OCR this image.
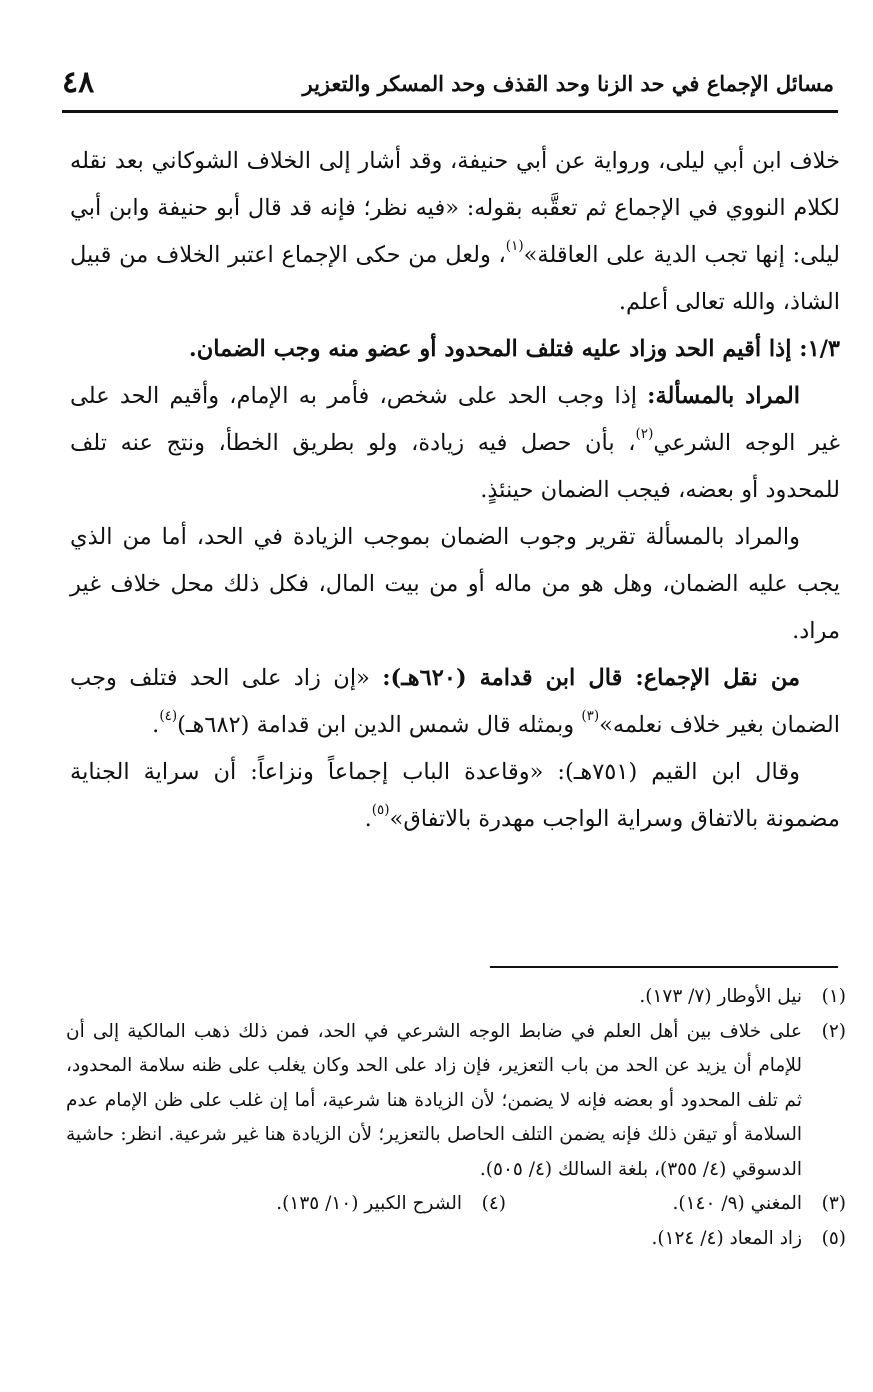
٤٨	مسائل الإجماع في حد الزنا وحد القذف وحد المسكر والتعزير

خلاف ابن أبي ليلى، ورواية عن أبي حنيفة، وقد أشار إلى الخلاف الشوكاني بعد نقله لكلام النووي في الإجماع ثم تعقَّبه بقوله: «فيه نظر؛ فإنه قد قال أبو حنيفة وابن أبي ليلى: إنها تجب الدية على العاقلة»$^{(١)}$، ولعل من حكى الإجماع اعتبر الخلاف من قبيل الشاذ، والله تعالى أعلم.

١/٣: إذا أقيم الحد وزاد عليه فتلف المحدود أو عضو منه وجب الضمان.

المراد بالمسألة: إذا وجب الحد على شخص، فأمر به الإمام، وأقيم الحد على غير الوجه الشرعي$^{(٢)}$، بأن حصل فيه زيادة، ولو بطريق الخطأ، ونتج عنه تلف للمحدود أو بعضه، فيجب الضمان حينئذٍ.

والمراد بالمسألة تقرير وجوب الضمان بموجب الزيادة في الحد، أما من الذي يجب عليه الضمان، وهل هو من ماله أو من بيت المال، فكل ذلك محل خلاف غير مراد.

من نقل الإجماع: قال ابن قدامة (٦٢٠هـ): «إن زاد على الحد فتلف وجب الضمان بغير خلاف نعلمه»$^{(٣)}$ وبمثله قال شمس الدين ابن قدامة (٦٨٢هـ)$^{(٤)}$.

وقال ابن القيم (٧٥١هـ): «وقاعدة الباب إجماعاً ونزاعاً: أن سراية الجناية مضمونة بالاتفاق وسراية الواجب مهدرة بالاتفاق»$^{(٥)}$.

(١)
نيل الأوطار (٧/ ١٧٣).
(٢)
على خلاف بين أهل العلم في ضابط الوجه الشرعي في الحد، فمن ذلك ذهب المالكية إلى أن للإمام أن يزيد عن الحد من باب التعزير، فإن زاد على الحد وكان يغلب على ظنه سلامة المحدود، ثم تلف المحدود أو بعضه فإنه لا يضمن؛ لأن الزيادة هنا شرعية، أما إن غلب على ظن الإمام عدم السلامة أو تيقن ذلك فإنه يضمن التلف الحاصل بالتعزير؛ لأن الزيادة هنا غير شرعية. انظر: حاشية الدسوقي (٤/ ٣٥٥)، بلغة السالك (٤/ ٥٠٥).
(٣)
المغني (٩/ ١٤٠).
(٤)
الشرح الكبير (١٠/ ١٣٥).
(٥)
زاد المعاد (٤/ ١٢٤).
